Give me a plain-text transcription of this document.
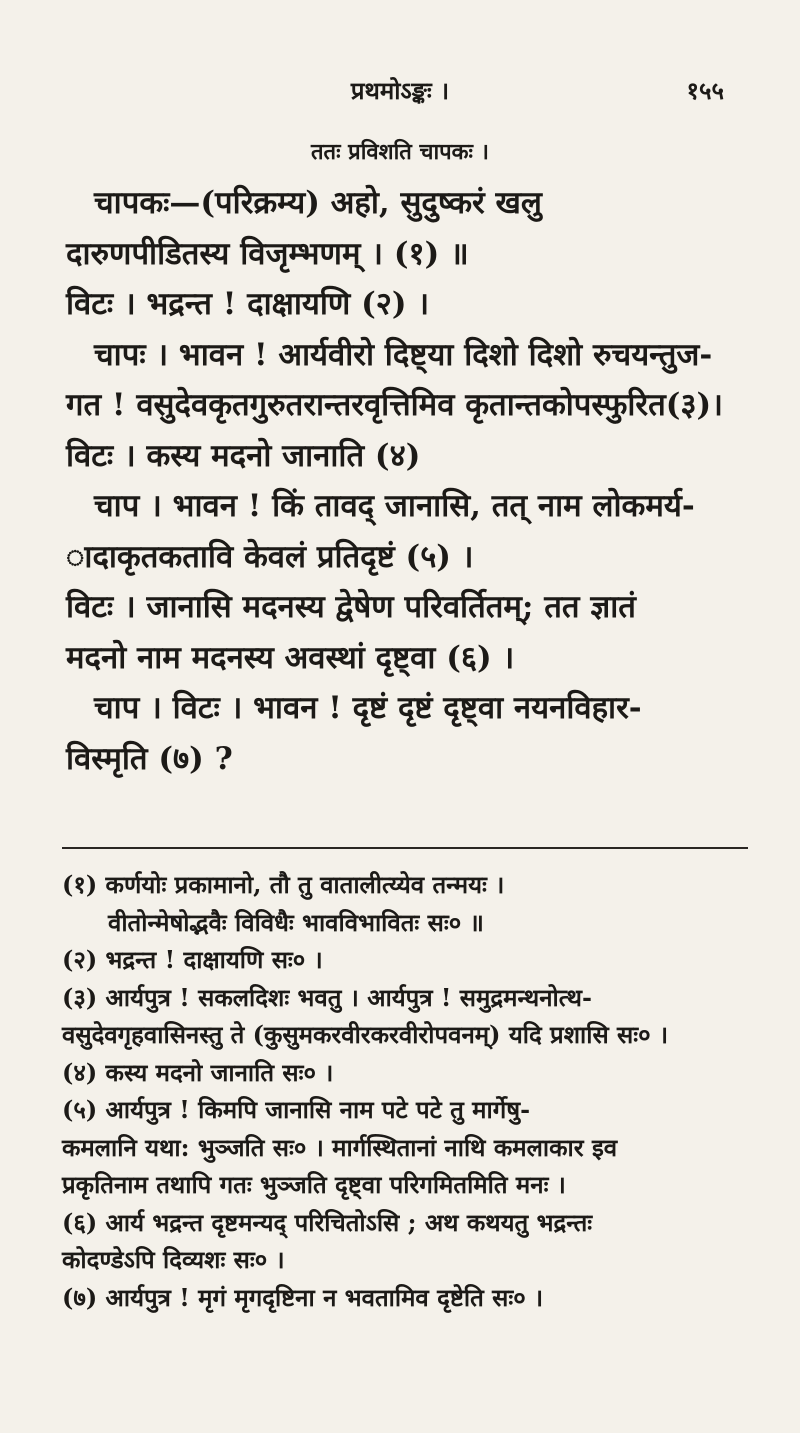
प्रथमोऽङ्कः ।	१५५
ततः प्रविशति चापकः ।

चापकः—(परिक्रम्य) अहो, सुदुष्करं खलु

दारुणपीडितस्य विजृम्भणम् । (१) ॥

विटः । भद्रन्त ! दाक्षायणि (२) ।

चापः । भावन ! आर्यवीरो दिष्ट्या दिशो दिशो रुचयन्तुज-

गत ! वसुदेवकृतगुरुतरान्तरवृत्तिमिव कृतान्तकोपस्फुरित(३)।

विटः । कस्य मदनो जानाति (४)

चाप । भावन ! किं तावद् जानासि, तत् नाम लोकमर्य-

ादाकृतकतावि केवलं प्रतिदृष्टं (५) ।

विटः । जानासि मदनस्य द्वेषेण परिवर्तितम्; तत ज्ञातं

मदनो नाम मदनस्य अवस्थां दृष्ट्वा (६) ।

चाप । विटः । भावन ! दृष्टं दृष्टं दृष्ट्वा नयनविहार-

विस्मृति (७) ?

(१) कर्णयोः प्रकामानो, तौ तु वातालीत्य्येव तन्मयः ।

वीतोन्मेषोद्भवैः विविधैः भावविभावितः सः० ॥

(२) भद्रन्त ! दाक्षायणि सः० ।

(३) आर्यपुत्र ! सकलदिशः भवतु । आर्यपुत्र ! समुद्रमन्थनोत्थ-

वसुदेवगृहवासिनस्तु ते (कुसुमकरवीरकरवीरोपवनम्) यदि प्रशासि सः० ।

(४) कस्य मदनो जानाति सः० ।

(५) आर्यपुत्र ! किमपि जानासि नाम पटे पटे तु मार्गेषु-

कमलानि यथा: भुञ्जति सः० । मार्गस्थितानां नाथि कमलाकार इव

प्रकृतिनाम तथापि गतः भुञ्जति दृष्ट्वा परिगमितमिति मनः ।

(६) आर्य भद्रन्त दृष्टमन्यद् परिचितोऽसि ; अथ कथयतु भद्रन्तः

कोदण्डेऽपि दिव्यशः सः० ।

(७) आर्यपुत्र ! मृगं मृगदृष्टिना न भवतामिव दृष्टेति सः० ।
